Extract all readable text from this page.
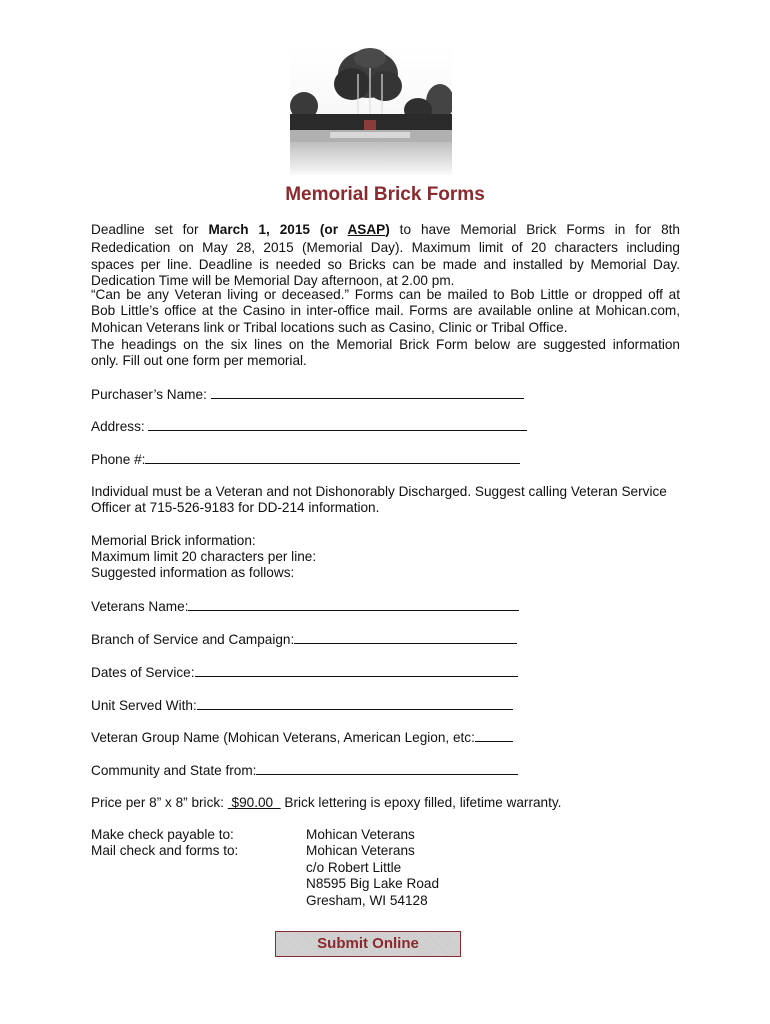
Memorial Brick Forms
Deadline set for March 1, 2015 (or ASAP) to have Memorial Brick Forms in for 8th
Rededication on May 28, 2015 (Memorial Day). Maximum limit of 20 characters including
spaces per line. Deadline is needed so Bricks can be made and installed by Memorial Day.
Dedication Time will be Memorial Day afternoon, at 2.00 pm.
“Can be any Veteran living or deceased.” Forms can be mailed to Bob Little or dropped off at
Bob Little’s office at the Casino in inter-office mail. Forms are available online at Mohican.com,
Mohican Veterans link or Tribal locations such as Casino, Clinic or Tribal Office.
The headings on the six lines on the Memorial Brick Form below are suggested information
only. Fill out one form per memorial.
Purchaser’s Name:
Address:
Phone #:
Individual must be a Veteran and not Dishonorably Discharged. Suggest calling Veteran Service
Officer at 715-526-9183 for DD-214 information.
Memorial Brick information:
Maximum limit 20 characters per line:
Suggested information as follows:
Veterans Name:
Branch of Service and Campaign:
Dates of Service:
Unit Served With:
Veteran Group Name (Mohican Veterans, American Legion, etc:
Community and State from:
Price per 8” x 8” brick:  $90.00   Brick lettering is epoxy filled, lifetime warranty.
Make check payable to:
Mail check and forms to:
Mohican Veterans
Mohican Veterans
c/o Robert Little
N8595 Big Lake Road
Gresham, WI 54128
Submit Online
